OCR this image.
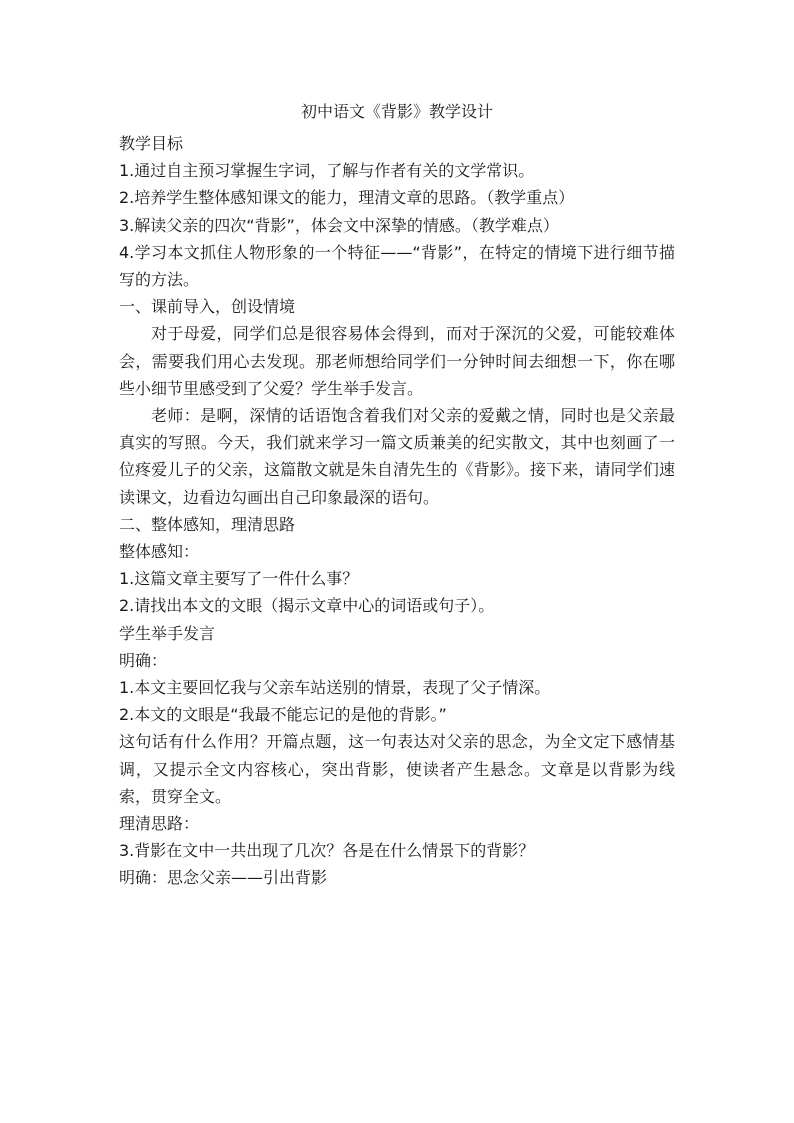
初中语文《背影》教学设计

教学目标

1.通过自主预习掌握生字词，了解与作者有关的文学常识。

2.培养学生整体感知课文的能力，理清文章的思路。（教学重点）

3.解读父亲的四次“背影”，体会文中深挚的情感。（教学难点）

4.学习本文抓住人物形象的一个特征——“背影”，在特定的情境下进行细节描写的方法。

一、课前导入，创设情境

对于母爱，同学们总是很容易体会得到，而对于深沉的父爱，可能较难体会，需要我们用心去发现。那老师想给同学们一分钟时间去细想一下，你在哪些小细节里感受到了父爱？学生举手发言。

老师：是啊，深情的话语饱含着我们对父亲的爱戴之情，同时也是父亲最真实的写照。今天，我们就来学习一篇文质兼美的纪实散文，其中也刻画了一位疼爱儿子的父亲，这篇散文就是朱自清先生的《背影》。接下来，请同学们速读课文，边看边勾画出自己印象最深的语句。

二、整体感知，理清思路

整体感知：

1.这篇文章主要写了一件什么事？

2.请找出本文的文眼（揭示文章中心的词语或句子）。

学生举手发言

明确：

1.本文主要回忆我与父亲车站送别的情景，表现了父子情深。

2.本文的文眼是“我最不能忘记的是他的背影。”

这句话有什么作用？开篇点题，这一句表达对父亲的思念，为全文定下感情基调，又提示全文内容核心，突出背影，使读者产生悬念。文章是以背影为线索，贯穿全文。

理清思路：

3.背影在文中一共出现了几次？各是在什么情景下的背影？

明确：思念父亲——引出背影
